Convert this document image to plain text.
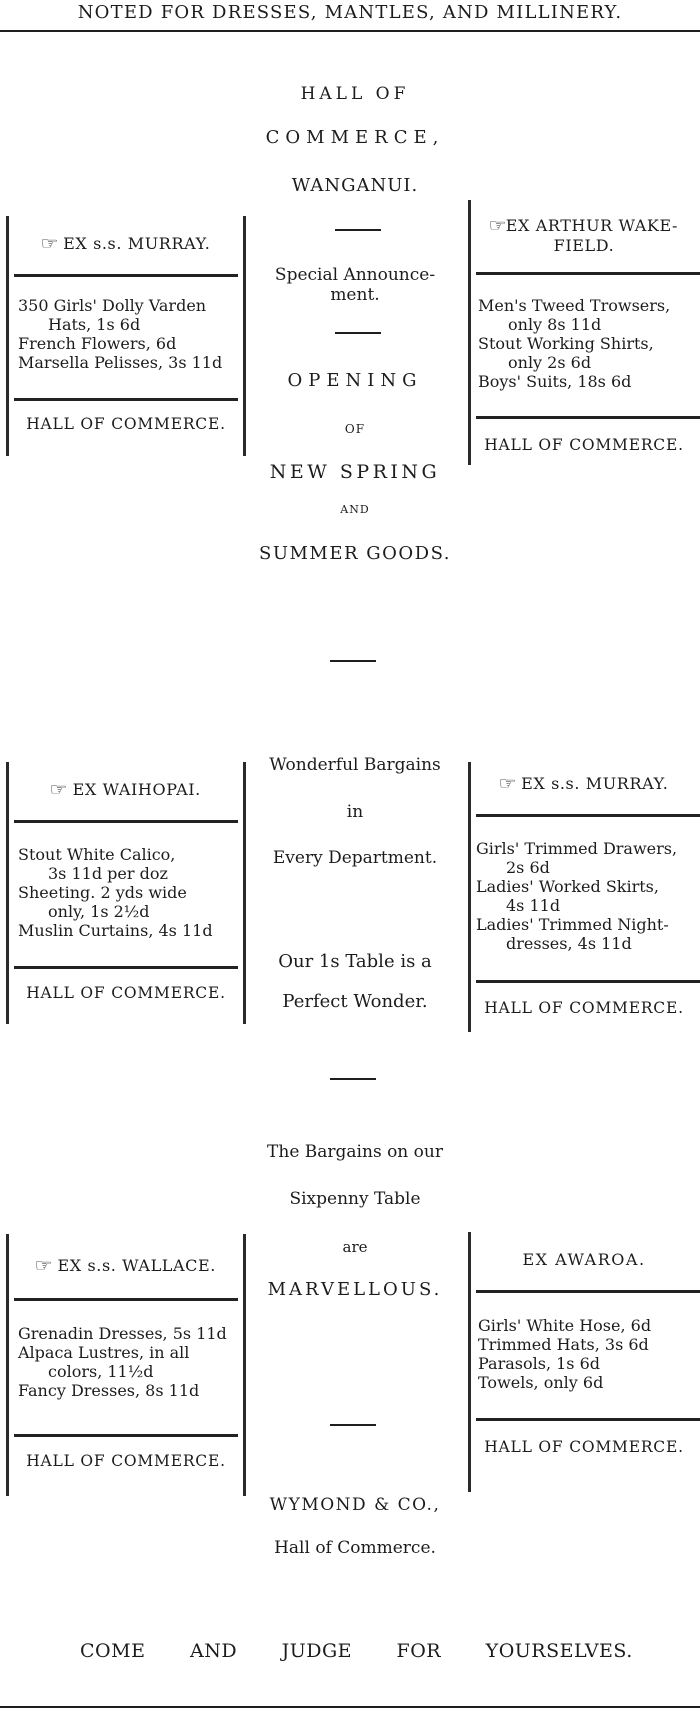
NOTED FOR DRESSES, MANTLES, AND MILLINERY.
HALL OF
COMMERCE,
WANGANUI.
Special Announce-
ment.
OPENING
OF
NEW SPRING
AND
SUMMER GOODS.
Wonderful Bargains
in
Every Department.
Our 1s Table is a
Perfect Wonder.
The Bargains on our
Sixpenny Table
are
MARVELLOUS.
WYMOND & CO.,
Hall of Commerce.
COME AND JUDGE FOR YOURSELVES.
☞ EX s.s. MURRAY.
350 Girls' Dolly Varden
Hats, 1s 6d
French Flowers, 6d
Marsella Pelisses, 3s 11d
HALL OF COMMERCE.
☞EX ARTHUR WAKE-
FIELD.
Men's Tweed Trowsers,
only 8s 11d
Stout Working Shirts,
only 2s 6d
Boys' Suits, 18s 6d
HALL OF COMMERCE.
☞ EX WAIHOPAI.
Stout White Calico,
3s 11d per doz
Sheeting. 2 yds wide
only, 1s 2½d
Muslin Curtains, 4s 11d
HALL OF COMMERCE.
☞ EX s.s. MURRAY.
Girls' Trimmed Drawers,
2s 6d
Ladies' Worked Skirts,
4s 11d
Ladies' Trimmed Night-
dresses, 4s 11d
HALL OF COMMERCE.
☞ EX s.s. WALLACE.
Grenadin Dresses, 5s 11d
Alpaca Lustres, in all
colors, 11½d
Fancy Dresses, 8s 11d
HALL OF COMMERCE.
EX AWAROA.
Girls' White Hose, 6d
Trimmed Hats, 3s 6d
Parasols, 1s 6d
Towels, only 6d
HALL OF COMMERCE.
